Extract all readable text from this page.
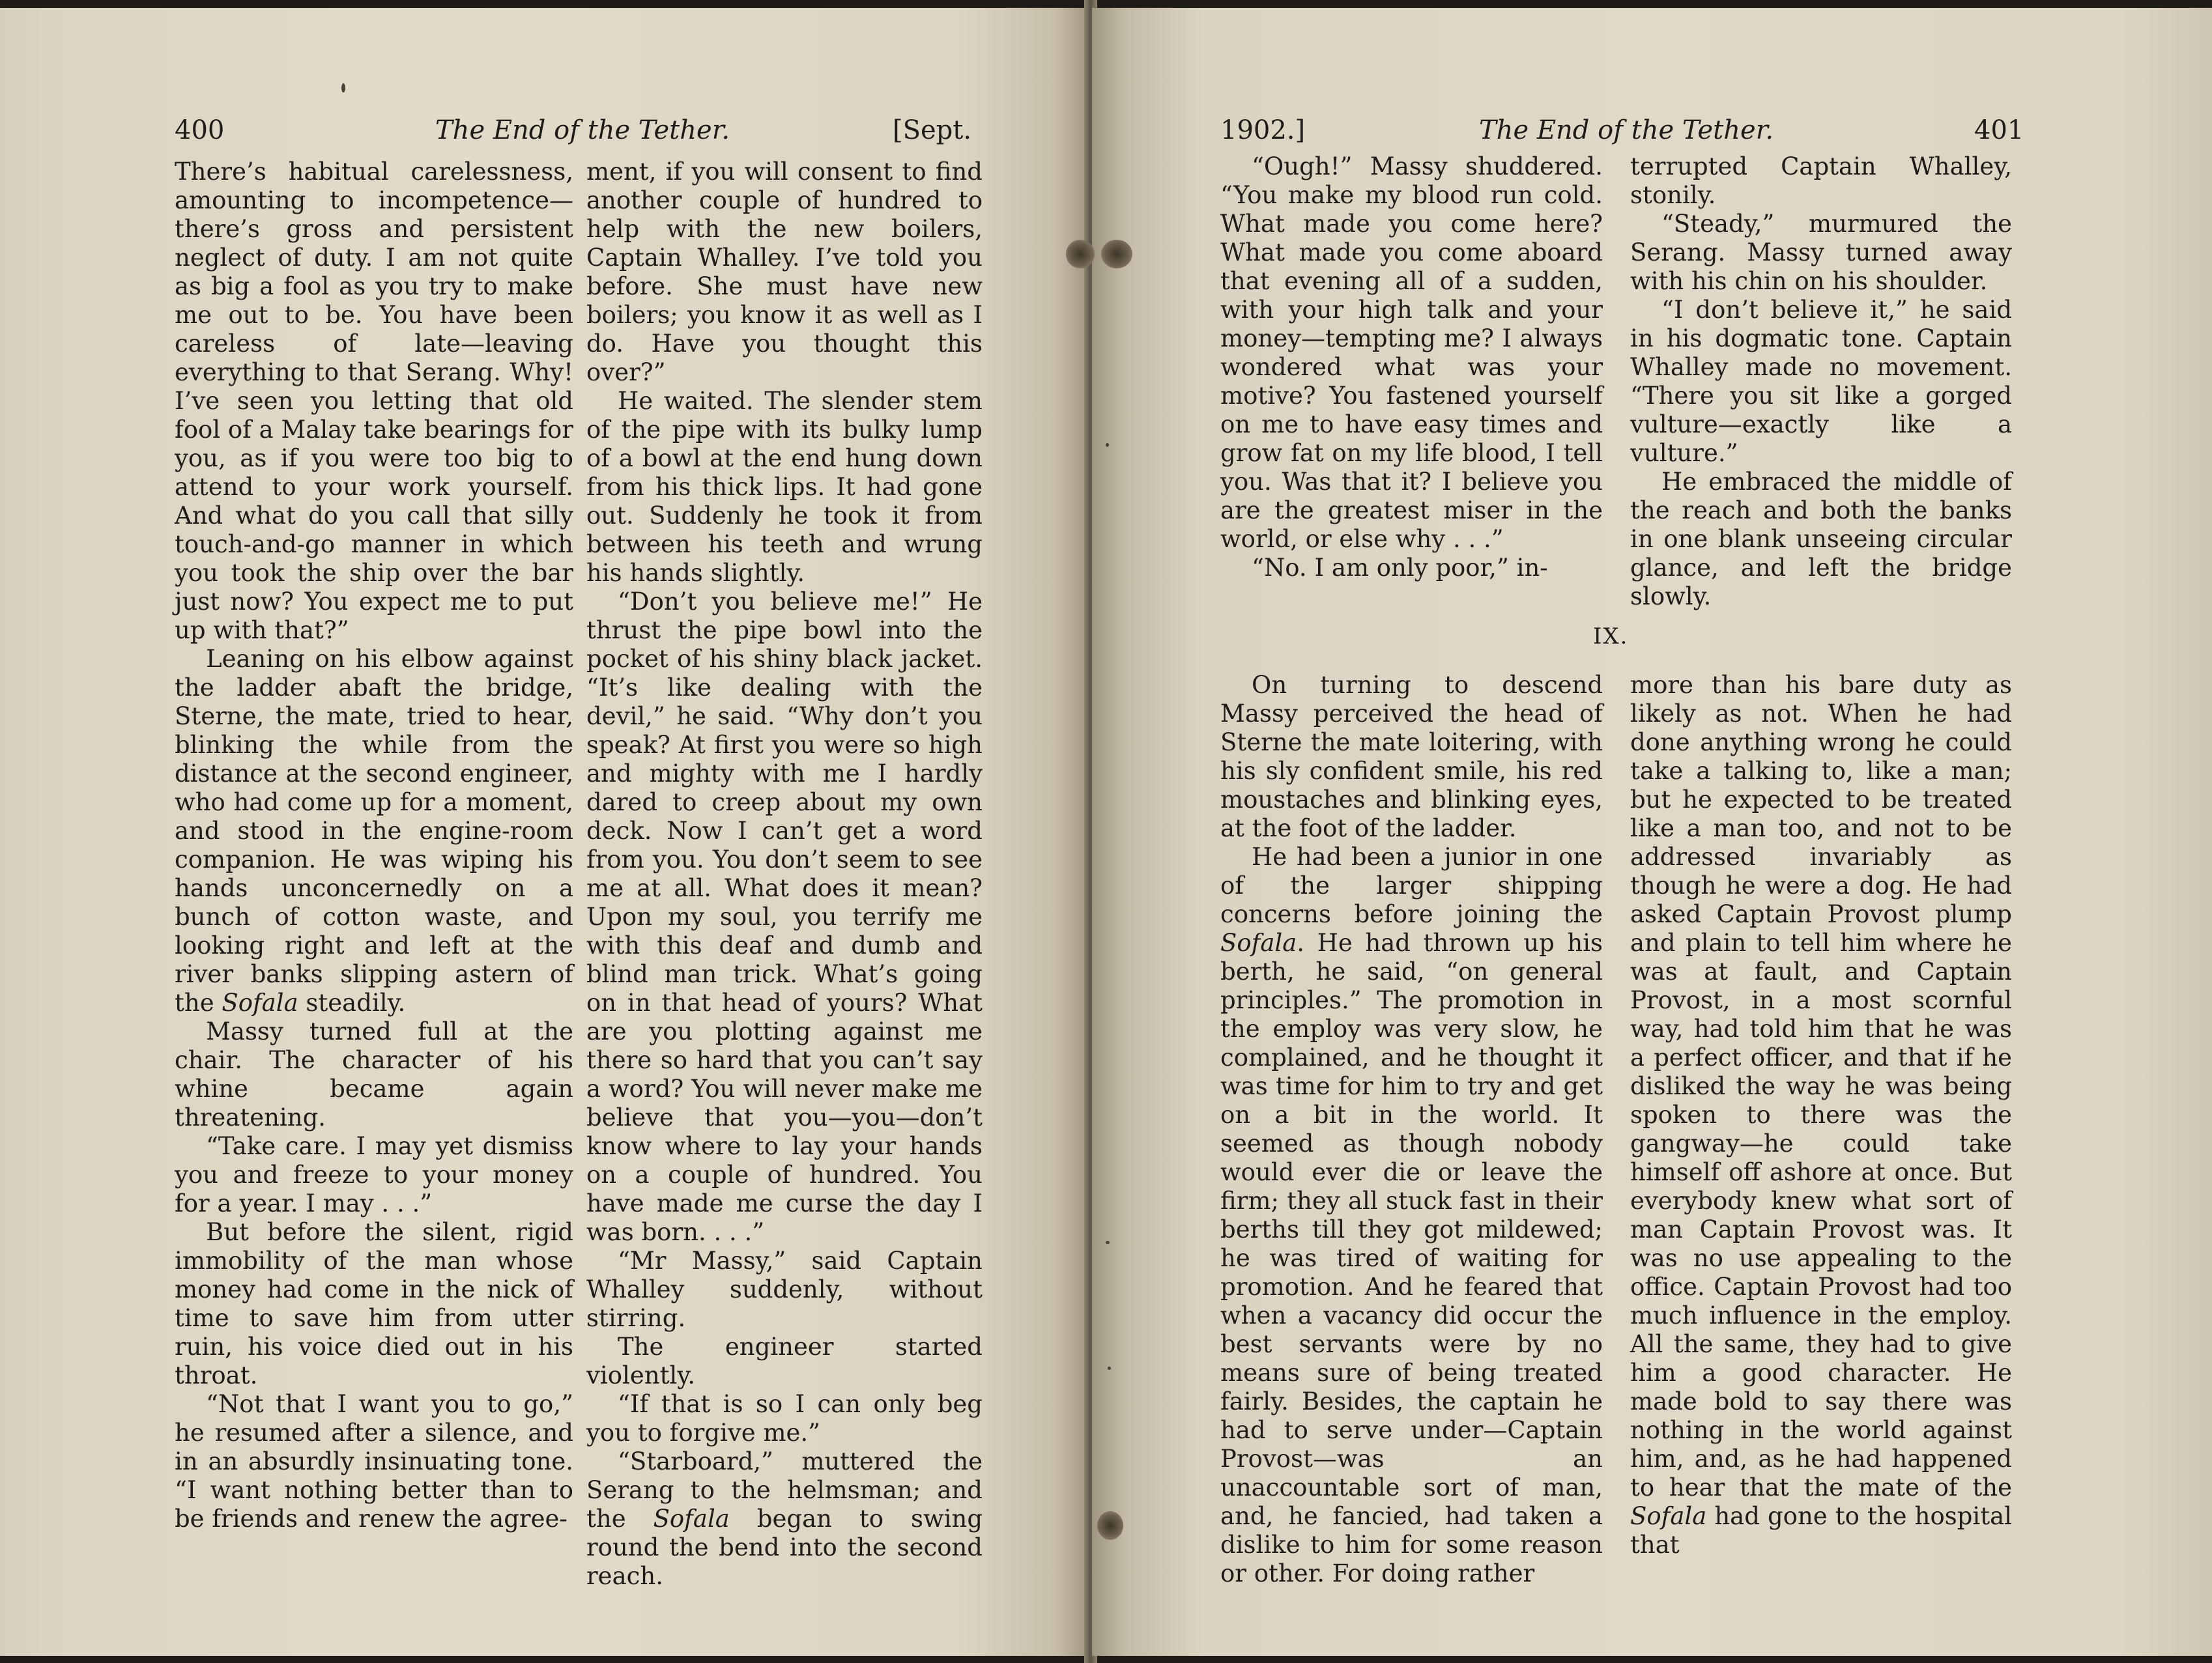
400	The End of the Tether.	[Sept.

There’s habitual carelessness, amounting to incompetence—there’s gross and persistent neglect of duty. I am not quite as big a fool as you try to make me out to be. You have been careless of late—leaving everything to that Serang. Why! I’ve seen you letting that old fool of a Malay take bearings for you, as if you were too big to attend to your work yourself. And what do you call that silly touch-and-go manner in which you took the ship over the bar just now? You expect me to put up with that?”

Leaning on his elbow against the ladder abaft the bridge, Sterne, the mate, tried to hear, blinking the while from the distance at the second engineer, who had come up for a moment, and stood in the engine-room companion. He was wiping his hands unconcernedly on a bunch of cotton waste, and looking right and left at the river banks slipping astern of the Sofala steadily.

Massy turned full at the chair. The character of his whine became again threatening.

“Take care. I may yet dismiss you and freeze to your money for a year. I may . . .”

But before the silent, rigid immobility of the man whose money had come in the nick of time to save him from utter ruin, his voice died out in his throat.

“Not that I want you to go,” he resumed after a silence, and in an absurdly insinuating tone. “I want nothing better than to be friends and renew the agree-

ment, if you will consent to find another couple of hundred to help with the new boilers, Captain Whalley. I’ve told you before. She must have new boilers; you know it as well as I do. Have you thought this over?”

He waited. The slender stem of the pipe with its bulky lump of a bowl at the end hung down from his thick lips. It had gone out. Suddenly he took it from between his teeth and wrung his hands slightly.

“Don’t you believe me!” He thrust the pipe bowl into the pocket of his shiny black jacket. “It’s like dealing with the devil,” he said. “Why don’t you speak? At first you were so high and mighty with me I hardly dared to creep about my own deck. Now I can’t get a word from you. You don’t seem to see me at all. What does it mean? Upon my soul, you terrify me with this deaf and dumb and blind man trick. What’s going on in that head of yours? What are you plotting against me there so hard that you can’t say a word? You will never make me believe that you—you—don’t know where to lay your hands on a couple of hundred. You have made me curse the day I was born. . . .”

“Mr Massy,” said Captain Whalley suddenly, without stirring.

The engineer started violently.

“If that is so I can only beg you to forgive me.”

“Starboard,” muttered the Serang to the helmsman; and the Sofala began to swing round the bend into the second reach.

1902.]	The End of the Tether.	401

“Ough!” Massy shuddered. “You make my blood run cold. What made you come here? What made you come aboard that evening all of a sudden, with your high talk and your money—tempting me? I always wondered what was your motive? You fastened yourself on me to have easy times and grow fat on my life blood, I tell you. Was that it? I believe you are the greatest miser in the world, or else why . . .”

“No. I am only poor,” in-

terrupted Captain Whalley, stonily.

“Steady,” murmured the Serang. Massy turned away with his chin on his shoulder.

“I don’t believe it,” he said in his dogmatic tone. Captain Whalley made no movement. “There you sit like a gorged vulture—exactly like a vulture.”

He embraced the middle of the reach and both the banks in one blank unseeing circular glance, and left the bridge slowly.

IX.

On turning to descend Massy perceived the head of Sterne the mate loitering, with his sly confident smile, his red moustaches and blinking eyes, at the foot of the ladder.

He had been a junior in one of the larger shipping concerns before joining the Sofala. He had thrown up his berth, he said, “on general principles.” The promotion in the employ was very slow, he complained, and he thought it was time for him to try and get on a bit in the world. It seemed as though nobody would ever die or leave the firm; they all stuck fast in their berths till they got mildewed; he was tired of waiting for promotion. And he feared that when a vacancy did occur the best servants were by no means sure of being treated fairly. Besides, the captain he had to serve under—Captain Provost—was an unaccountable sort of man, and, he fancied, had taken a dislike to him for some reason or other. For doing rather

more than his bare duty as likely as not. When he had done anything wrong he could take a talking to, like a man; but he expected to be treated like a man too, and not to be addressed invariably as though he were a dog. He had asked Captain Provost plump and plain to tell him where he was at fault, and Captain Provost, in a most scornful way, had told him that he was a perfect officer, and that if he disliked the way he was being spoken to there was the gangway—he could take himself off ashore at once. But everybody knew what sort of man Captain Provost was. It was no use appealing to the office. Captain Provost had too much influence in the employ. All the same, they had to give him a good character. He made bold to say there was nothing in the world against him, and, as he had happened to hear that the mate of the Sofala had gone to the hospital that
